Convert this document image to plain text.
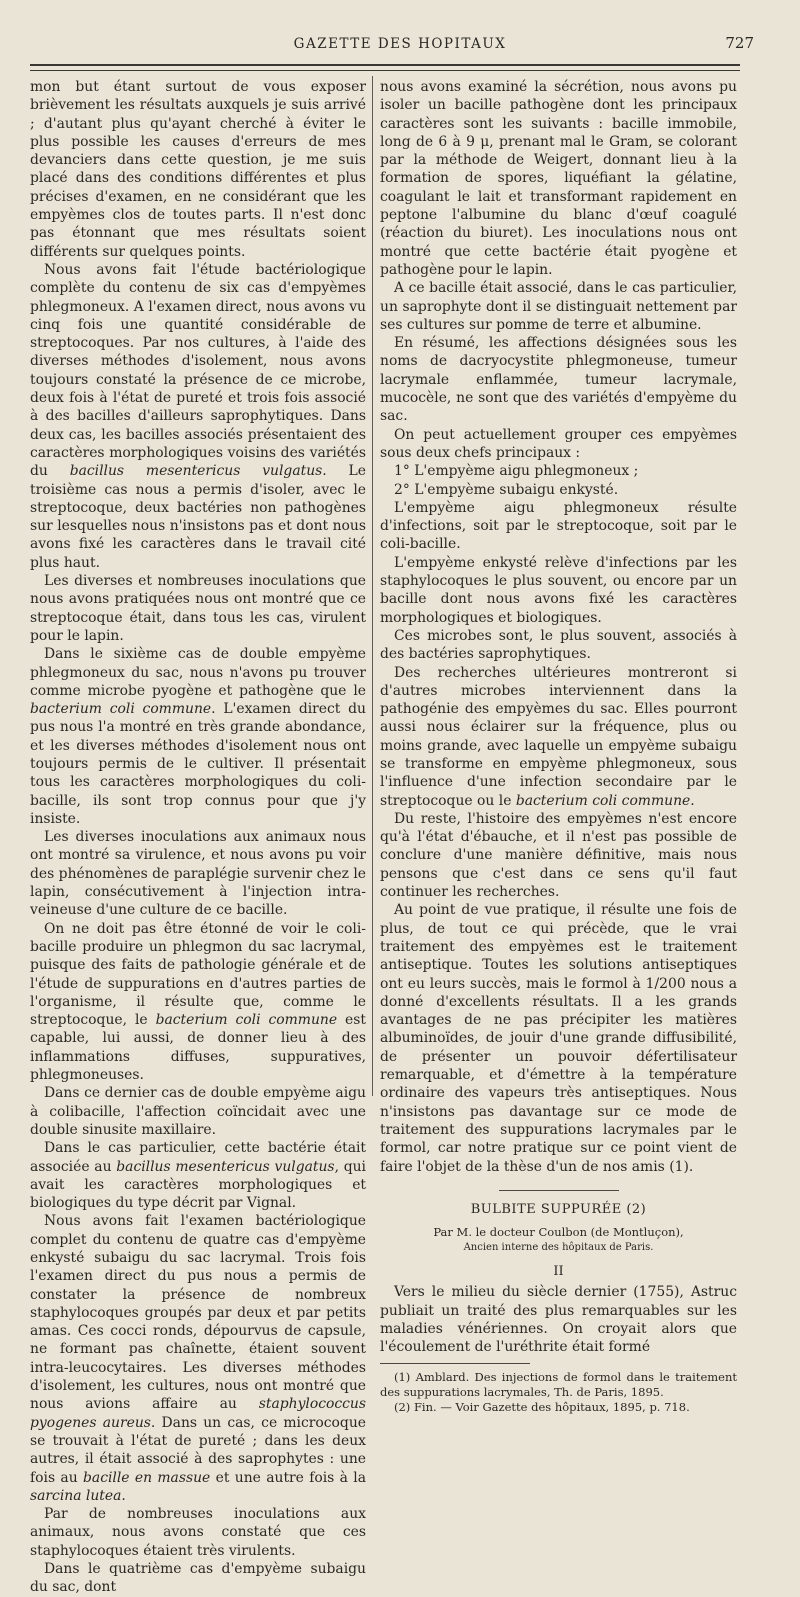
GAZETTE DES HOPITAUX	727

mon but étant surtout de vous exposer brièvement les résultats auxquels je suis arrivé ; d'autant plus qu'ayant cherché à éviter le plus possible les causes d'erreurs de mes devanciers dans cette question, je me suis placé dans des conditions différentes et plus précises d'examen, en ne considérant que les empyèmes clos de toutes parts. Il n'est donc pas étonnant que mes résultats soient différents sur quelques points.

Nous avons fait l'étude bactériologique complète du contenu de six cas d'empyèmes phlegmoneux. A l'examen direct, nous avons vu cinq fois une quantité considérable de streptocoques. Par nos cultures, à l'aide des diverses méthodes d'isolement, nous avons toujours constaté la présence de ce microbe, deux fois à l'état de pureté et trois fois associé à des bacilles d'ailleurs saprophytiques. Dans deux cas, les bacilles associés présentaient des caractères morphologiques voisins des variétés du bacillus mesentericus vulgatus. Le troisième cas nous a permis d'isoler, avec le streptocoque, deux bactéries non pathogènes sur lesquelles nous n'insistons pas et dont nous avons fixé les caractères dans le travail cité plus haut.

Les diverses et nombreuses inoculations que nous avons pratiquées nous ont montré que ce streptocoque était, dans tous les cas, virulent pour le lapin.

Dans le sixième cas de double empyème phlegmoneux du sac, nous n'avons pu trouver comme microbe pyogène et pathogène que le bacterium coli commune. L'examen direct du pus nous l'a montré en très grande abondance, et les diverses méthodes d'isolement nous ont toujours permis de le cultiver. Il présentait tous les caractères morphologiques du coli-bacille, ils sont trop connus pour que j'y insiste.

Les diverses inoculations aux animaux nous ont montré sa virulence, et nous avons pu voir des phénomènes de paraplégie survenir chez le lapin, consécutivement à l'injection intra-veineuse d'une culture de ce bacille.

On ne doit pas être étonné de voir le coli-bacille produire un phlegmon du sac lacrymal, puisque des faits de pathologie générale et de l'étude de suppurations en d'autres parties de l'organisme, il résulte que, comme le streptocoque, le bacterium coli commune est capable, lui aussi, de donner lieu à des inflammations diffuses, suppuratives, phlegmoneuses.

Dans ce dernier cas de double empyème aigu à colibacille, l'affection coïncidait avec une double sinusite maxillaire.

Dans le cas particulier, cette bactérie était associée au bacillus mesentericus vulgatus, qui avait les caractères morphologiques et biologiques du type décrit par Vignal.

Nous avons fait l'examen bactériologique complet du contenu de quatre cas d'empyème enkysté subaigu du sac lacrymal. Trois fois l'examen direct du pus nous a permis de constater la présence de nombreux staphylocoques groupés par deux et par petits amas. Ces cocci ronds, dépourvus de capsule, ne formant pas chaînette, étaient souvent intra-leucocytaires. Les diverses méthodes d'isolement, les cultures, nous ont montré que nous avions affaire au staphylococcus pyogenes aureus. Dans un cas, ce microcoque se trouvait à l'état de pureté ; dans les deux autres, il était associé à des saprophytes : une fois au bacille en massue et une autre fois à la sarcina lutea.

Par de nombreuses inoculations aux animaux, nous avons constaté que ces staphylocoques étaient très virulents.

Dans le quatrième cas d'empyème subaigu du sac, dont

nous avons examiné la sécrétion, nous avons pu isoler un bacille pathogène dont les principaux caractères sont les suivants : bacille immobile, long de 6 à 9 μ, prenant mal le Gram, se colorant par la méthode de Weigert, donnant lieu à la formation de spores, liquéfiant la gélatine, coagulant le lait et transformant rapidement en peptone l'albumine du blanc d'œuf coagulé (réaction du biuret). Les inoculations nous ont montré que cette bactérie était pyogène et pathogène pour le lapin.

A ce bacille était associé, dans le cas particulier, un saprophyte dont il se distinguait nettement par ses cultures sur pomme de terre et albumine.

En résumé, les affections désignées sous les noms de dacryocystite phlegmoneuse, tumeur lacrymale enflammée, tumeur lacrymale, mucocèle, ne sont que des variétés d'empyème du sac.

On peut actuellement grouper ces empyèmes sous deux chefs principaux :

1° L'empyème aigu phlegmoneux ;

2° L'empyème subaigu enkysté.

L'empyème aigu phlegmoneux résulte d'infections, soit par le streptocoque, soit par le coli-bacille.

L'empyème enkysté relève d'infections par les staphylocoques le plus souvent, ou encore par un bacille dont nous avons fixé les caractères morphologiques et biologiques.

Ces microbes sont, le plus souvent, associés à des bactéries saprophytiques.

Des recherches ultérieures montreront si d'autres microbes interviennent dans la pathogénie des empyèmes du sac. Elles pourront aussi nous éclairer sur la fréquence, plus ou moins grande, avec laquelle un empyème subaigu se transforme en empyème phlegmoneux, sous l'influence d'une infection secondaire par le streptocoque ou le bacterium coli commune.

Du reste, l'histoire des empyèmes n'est encore qu'à l'état d'ébauche, et il n'est pas possible de conclure d'une manière définitive, mais nous pensons que c'est dans ce sens qu'il faut continuer les recherches.

Au point de vue pratique, il résulte une fois de plus, de tout ce qui précède, que le vrai traitement des empyèmes est le traitement antiseptique. Toutes les solutions antiseptiques ont eu leurs succès, mais le formol à 1/200 nous a donné d'excellents résultats. Il a les grands avantages de ne pas précipiter les matières albuminoïdes, de jouir d'une grande diffusibilité, de présenter un pouvoir défertilisateur remarquable, et d'émettre à la température ordinaire des vapeurs très antiseptiques. Nous n'insistons pas davantage sur ce mode de traitement des suppurations lacrymales par le formol, car notre pratique sur ce point vient de faire l'objet de la thèse d'un de nos amis (1).

BULBITE SUPPURÉE (2)
Par M. le docteur Coulbon (de Montluçon),
Ancien interne des hôpitaux de Paris.
II

Vers le milieu du siècle dernier (1755), Astruc publiait un traité des plus remarquables sur les maladies vénériennes. On croyait alors que l'écoulement de l'uréthrite était formé

(1) Amblard. Des injections de formol dans le traitement des suppurations lacrymales, Th. de Paris, 1895.

(2) Fin. — Voir Gazette des hôpitaux, 1895, p. 718.
